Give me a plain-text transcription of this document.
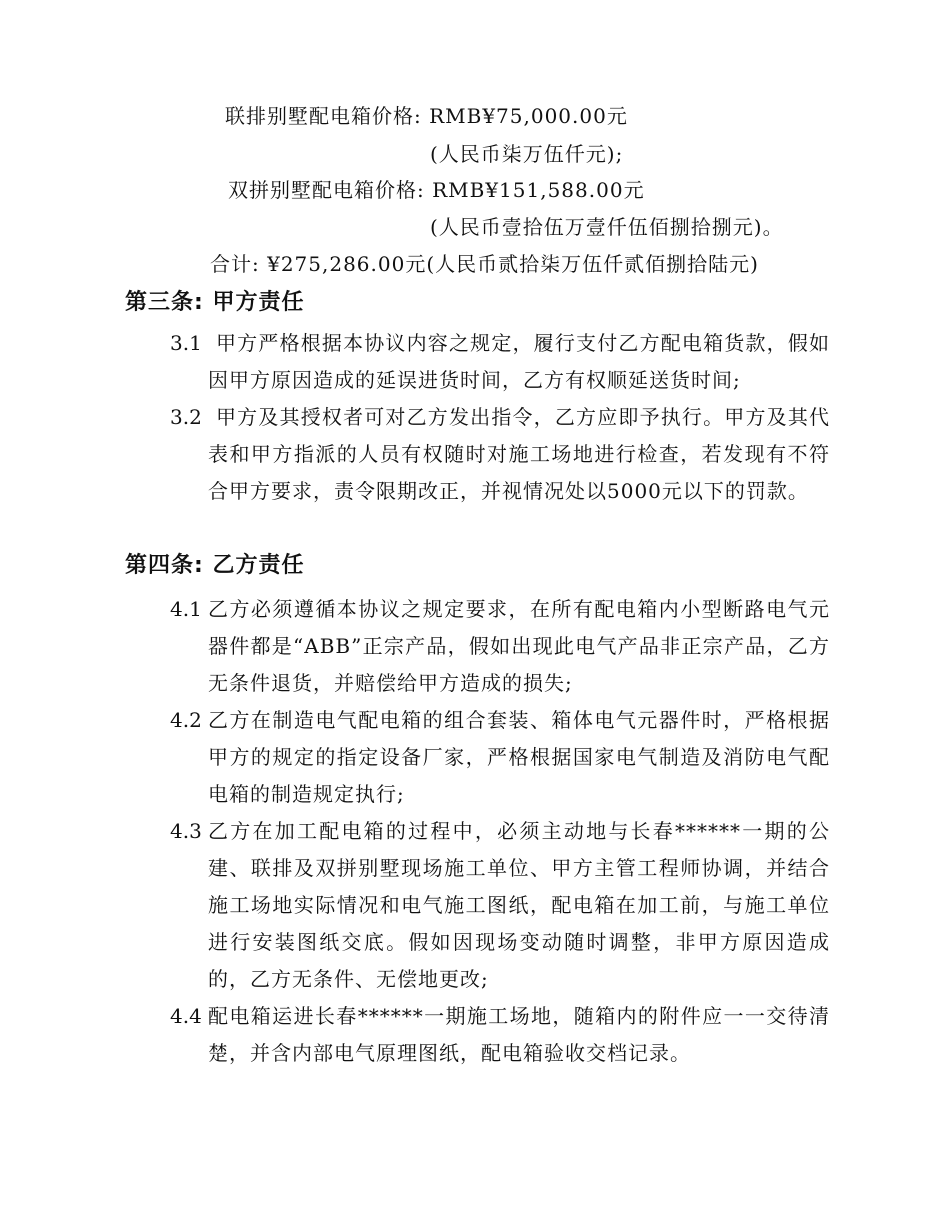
联排别墅配电箱价格: RMB¥75,000.00元
(人民币柒万伍仟元);
双拼别墅配电箱价格: RMB¥151,588.00元
(人民币壹拾伍万壹仟伍佰捌拾捌元)。
合计: ¥275,286.00元(人民币贰拾柒万伍仟贰佰捌拾陆元)
第三条: 甲方责任
3.1 甲方严格根据本协议内容之规定，履行支付乙方配电箱货款，假如因甲方原因造成的延误进货时间，乙方有权顺延送货时间;
3.2 甲方及其授权者可对乙方发出指令，乙方应即予执行。甲方及其代表和甲方指派的人员有权随时对施工场地进行检查，若发现有不符合甲方要求，责令限期改正，并视情况处以5000元以下的罚款。
第四条: 乙方责任
4.1 乙方必须遵循本协议之规定要求，在所有配电箱内小型断路电气元器件都是“ABB”正宗产品，假如出现此电气产品非正宗产品，乙方无条件退货，并赔偿给甲方造成的损失;
4.2 乙方在制造电气配电箱的组合套装、箱体电气元器件时，严格根据甲方的规定的指定设备厂家，严格根据国家电气制造及消防电气配电箱的制造规定执行;
4.3 乙方在加工配电箱的过程中，必须主动地与长春******一期的公建、联排及双拼别墅现场施工单位、甲方主管工程师协调，并结合施工场地实际情况和电气施工图纸，配电箱在加工前，与施工单位进行安装图纸交底。假如因现场变动随时调整，非甲方原因造成的，乙方无条件、无偿地更改;
4.4 配电箱运进长春******一期施工场地，随箱内的附件应一一交待清楚，并含内部电气原理图纸，配电箱验收交档记录。
